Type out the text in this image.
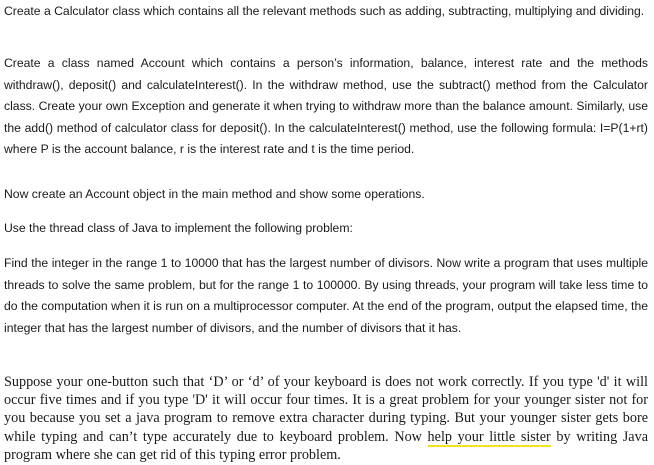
Create a Calculator class which contains all the relevant methods such as adding, subtracting, multiplying and dividing.

Create a class named Account which contains a person’s information, balance, interest rate and the methods withdraw(), deposit() and calculateInterest(). In the withdraw method, use the subtract() method from the Calculator class. Create your own Exception and generate it when trying to withdraw more than the balance amount. Similarly, use the add() method of calculator class for deposit(). In the calculateInterest() method, use the following formula: I=P(1+rt) where P is the account balance, r is the interest rate and t is the time period.

Now create an Account object in the main method and show some operations.

Use the thread class of Java to implement the following problem:

Find the integer in the range 1 to 10000 that has the largest number of divisors. Now write a program that uses multiple threads to solve the same problem, but for the range 1 to 100000. By using threads, your program will take less time to do the computation when it is run on a multiprocessor computer. At the end of the program, output the elapsed time, the integer that has the largest number of divisors, and the number of divisors that it has.

Suppose your one-button such that ‘D’ or ‘d’ of your keyboard is does not work correctly. If you type 'd' it will occur five times and if you type 'D' it will occur four times. It is a great problem for your younger sister not for you because you set a java program to remove extra character during typing. But your younger sister gets bore while typing and can’t type accurately due to keyboard problem. Now help your little sister by writing Java program where she can get rid of this typing error problem.
